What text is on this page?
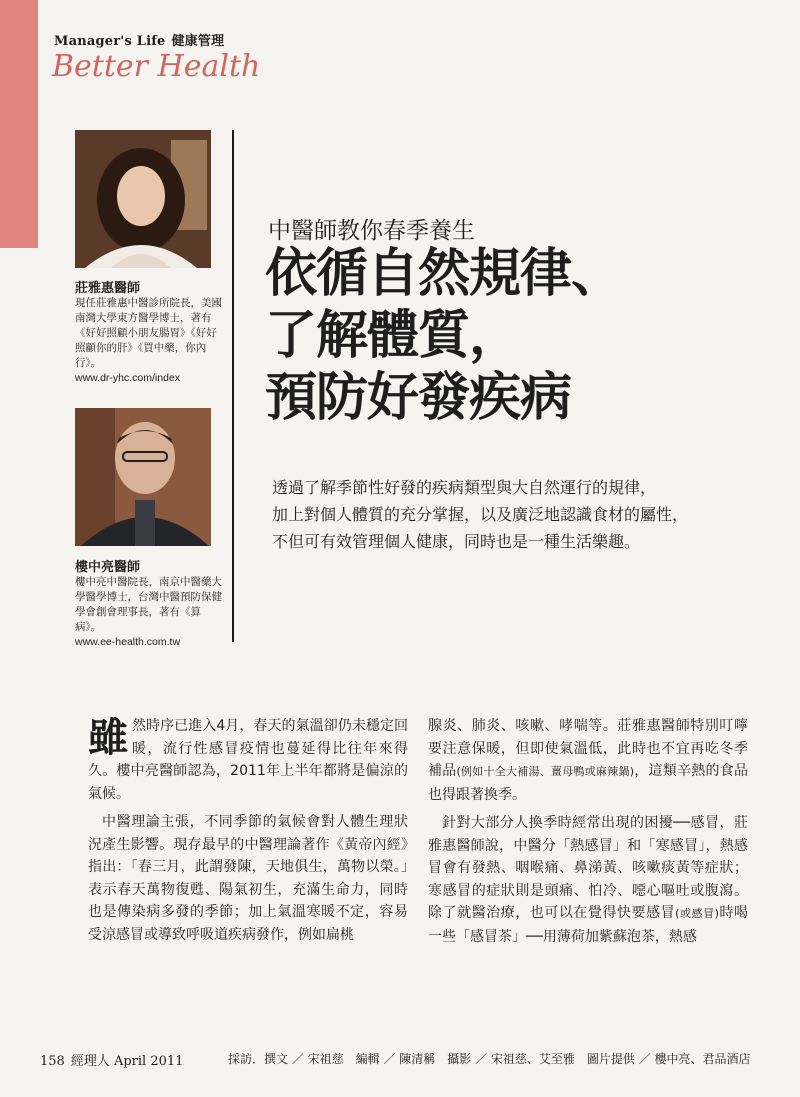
Manager's Life 健康管理
Better Health
莊雅惠醫師
現任莊雅惠中醫診所院長，美國南灣大學東方醫學博士，著有《好好照顧小朋友腸胃》《好好照顧你的肝》《買中藥，你內行》。
www.dr-yhc.com/index
樓中亮醫師
樓中亮中醫院長，南京中醫藥大學醫學博士，台灣中醫預防保健學會創會理事長，著有《算病》。
www.ee-health.com.tw
中醫師教你春季養生
依循自然規律、
了解體質，
預防好發疾病
透過了解季節性好發的疾病類型與大自然運行的規律，
加上對個人體質的充分掌握，以及廣泛地認識食材的屬性，
不但可有效管理個人健康，同時也是一種生活樂趣。

雖然時序已進入4月，春天的氣溫卻仍未穩定回暖，流行性感冒疫情也蔓延得比往年來得久。樓中亮醫師認為，2011年上半年都將是偏涼的氣候。

中醫理論主張，不同季節的氣候會對人體生理狀況產生影響。現存最早的中醫理論著作《黃帝內經》指出：「春三月，此謂發陳，天地俱生，萬物以榮。」表示春天萬物復甦、陽氣初生，充滿生命力，同時也是傳染病多發的季節；加上氣溫寒暖不定，容易受涼感冒或導致呼吸道疾病發作，例如扁桃

腺炎、肺炎、咳嗽、哮喘等。莊雅惠醫師特別叮嚀要注意保暖，但即使氣溫低，此時也不宜再吃冬季補品(例如十全大補湯、薑母鴨或麻辣鍋)，這類辛熱的食品也得跟著換季。

針對大部分人換季時經常出現的困擾──感冒，莊雅惠醫師說，中醫分「熱感冒」和「寒感冒」，熱感冒會有發熱、咽喉痛、鼻涕黃、咳嗽痰黃等症狀；寒感冒的症狀則是頭痛、怕冷、噁心嘔吐或腹瀉。除了就醫治療，也可以在覺得快要感冒(或感冒)時喝一些「感冒茶」──用薄荷加紫蘇泡茶，熱感

158 經理人 April 2011	採訪．撰文 ／ 宋祖慈　編輯 ／ 陳清稱　攝影 ／ 宋祖慈、艾至雅　圖片提供 ／ 樓中亮、君品酒店
